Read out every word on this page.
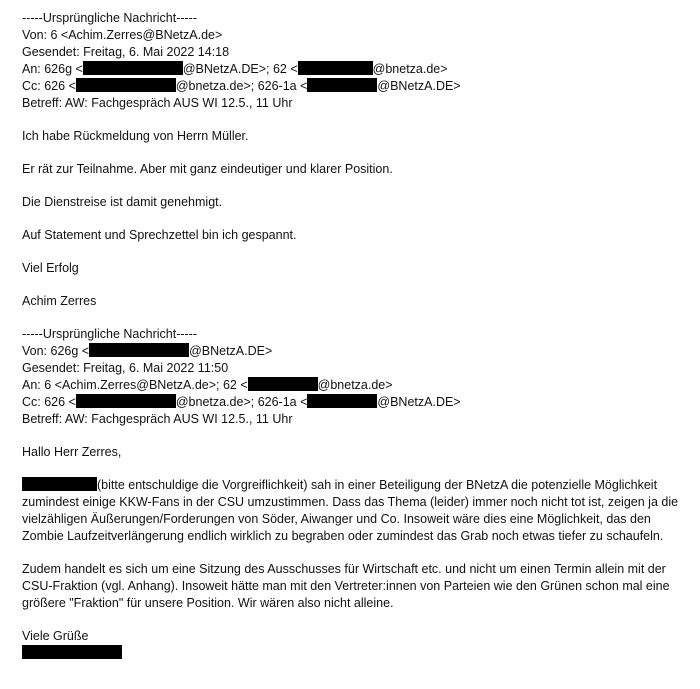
-----Ursprüngliche Nachricht-----
Von: 6 <Achim.Zerres@BNetzA.de>
Gesendet: Freitag, 6. Mai 2022 14:18
An: 626g <	@BNetzA.DE>; 62 <	@bnetza.de>
Cc: 626 <	@bnetza.de>; 626-1a <	@BNetzA.DE>
Betreff: AW: Fachgespräch AUS WI 12.5., 11 Uhr

Ich habe Rückmeldung von Herrn Müller.

Er rät zur Teilnahme. Aber mit ganz eindeutiger und klarer Position.

Die Dienstreise ist damit genehmigt.

Auf Statement und Sprechzettel bin ich gespannt.

Viel Erfolg

Achim Zerres

-----Ursprüngliche Nachricht-----
Von: 626g <	@BNetzA.DE>
Gesendet: Freitag, 6. Mai 2022 11:50
An: 6 <Achim.Zerres@BNetzA.de>; 62 <	@bnetza.de>
Cc: 626 <	@bnetza.de>; 626-1a <	@BNetzA.DE>
Betreff: AW: Fachgespräch AUS WI 12.5., 11 Uhr

Hallo Herr Zerres,

(bitte entschuldige die Vorgreiflichkeit) sah in einer Beteiligung der BNetzA die potenzielle Möglichkeit zumindest einige KKW-Fans in der CSU umzustimmen. Dass das Thema (leider) immer noch nicht tot ist, zeigen ja die vielzähligen Äußerungen/Forderungen von Söder, Aiwanger und Co. Insoweit wäre dies eine Möglichkeit, das den Zombie Laufzeitverlängerung endlich wirklich zu begraben oder zumindest das Grab noch etwas tiefer zu schaufeln.

Zudem handelt es sich um eine Sitzung des Ausschusses für Wirtschaft etc. und nicht um einen Termin allein mit der CSU-Fraktion (vgl. Anhang). Insoweit hätte man mit den Vertreter:innen von Parteien wie den Grünen schon mal eine größere "Fraktion" für unsere Position. Wir wären also nicht alleine.

Viele Grüße
